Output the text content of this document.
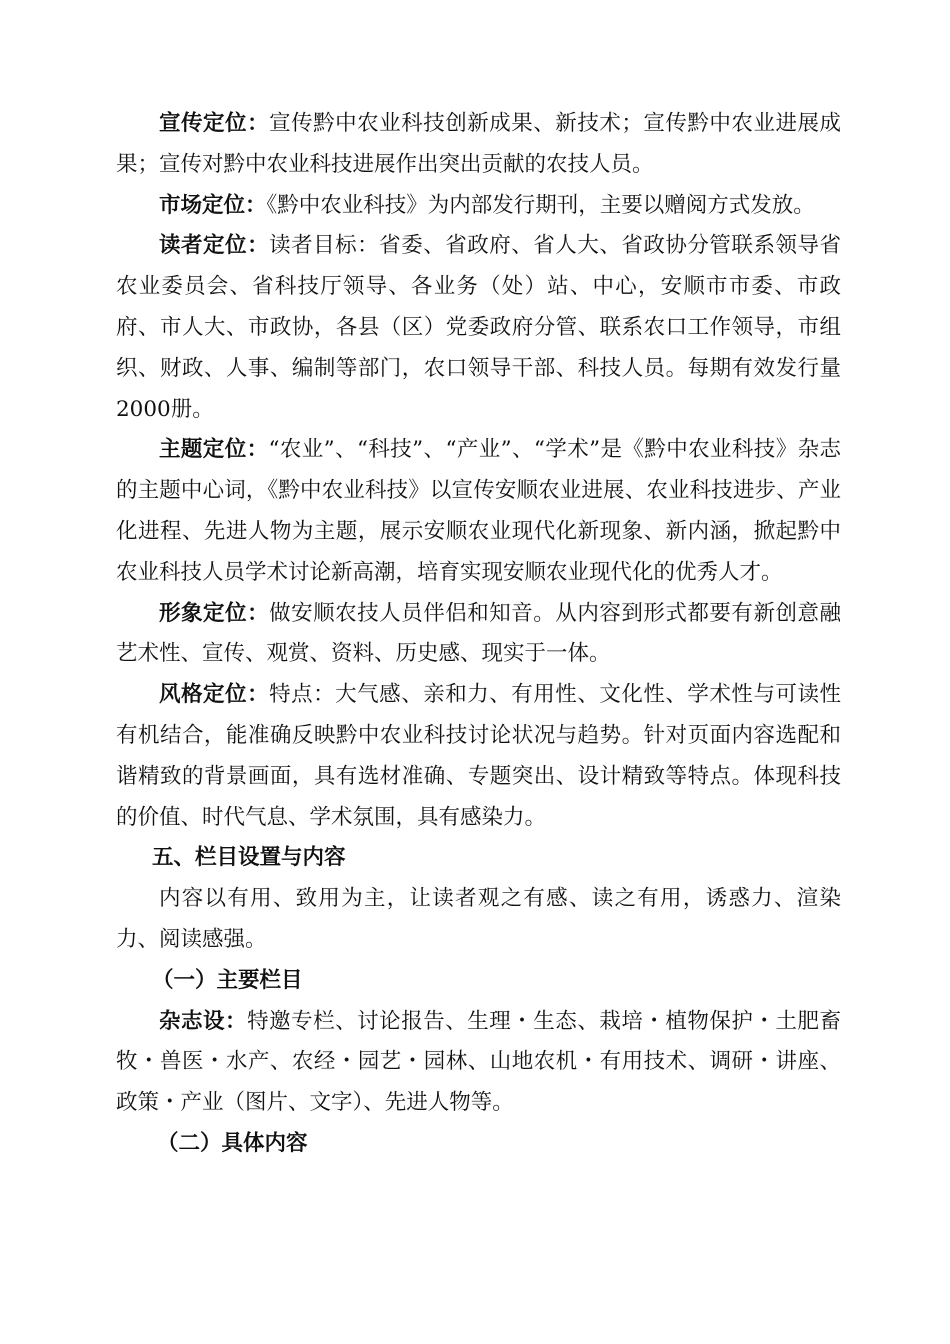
宣传定位：宣传黔中农业科技创新成果、新技术；宣传黔中农业进展成果；宣传对黔中农业科技进展作出突出贡献的农技人员。

市场定位：《黔中农业科技》为内部发行期刊，主要以赠阅方式发放。

读者定位：读者目标：省委、省政府、省人大、省政协分管联系领导省农业委员会、省科技厅领导、各业务（处）站、中心，安顺市市委、市政府、市人大、市政协，各县（区）党委政府分管、联系农口工作领导，市组织、财政、人事、编制等部门，农口领导干部、科技人员。每期有效发行量2000册。

主题定位：“农业”、“科技”、“产业”、“学术”是《黔中农业科技》杂志的主题中心词，《黔中农业科技》以宣传安顺农业进展、农业科技进步、产业化进程、先进人物为主题，展示安顺农业现代化新现象、新内涵，掀起黔中农业科技人员学术讨论新高潮，培育实现安顺农业现代化的优秀人才。

形象定位：做安顺农技人员伴侣和知音。从内容到形式都要有新创意融艺术性、宣传、观赏、资料、历史感、现实于一体。

风格定位：特点：大气感、亲和力、有用性、文化性、学术性与可读性有机结合，能准确反映黔中农业科技讨论状况与趋势。针对页面内容选配和谐精致的背景画面，具有选材准确、专题突出、设计精致等特点。体现科技的价值、时代气息、学术氛围，具有感染力。

五、栏目设置与内容

内容以有用、致用为主，让读者观之有感、读之有用，诱惑力、渲染力、阅读感强。

（一）主要栏目

杂志设：特邀专栏、讨论报告、生理・生态、栽培・植物保护・土肥畜牧・兽医・水产、农经・园艺・园林、山地农机・有用技术、调研・讲座、政策・产业（图片、文字）、先进人物等。

（二）具体内容
